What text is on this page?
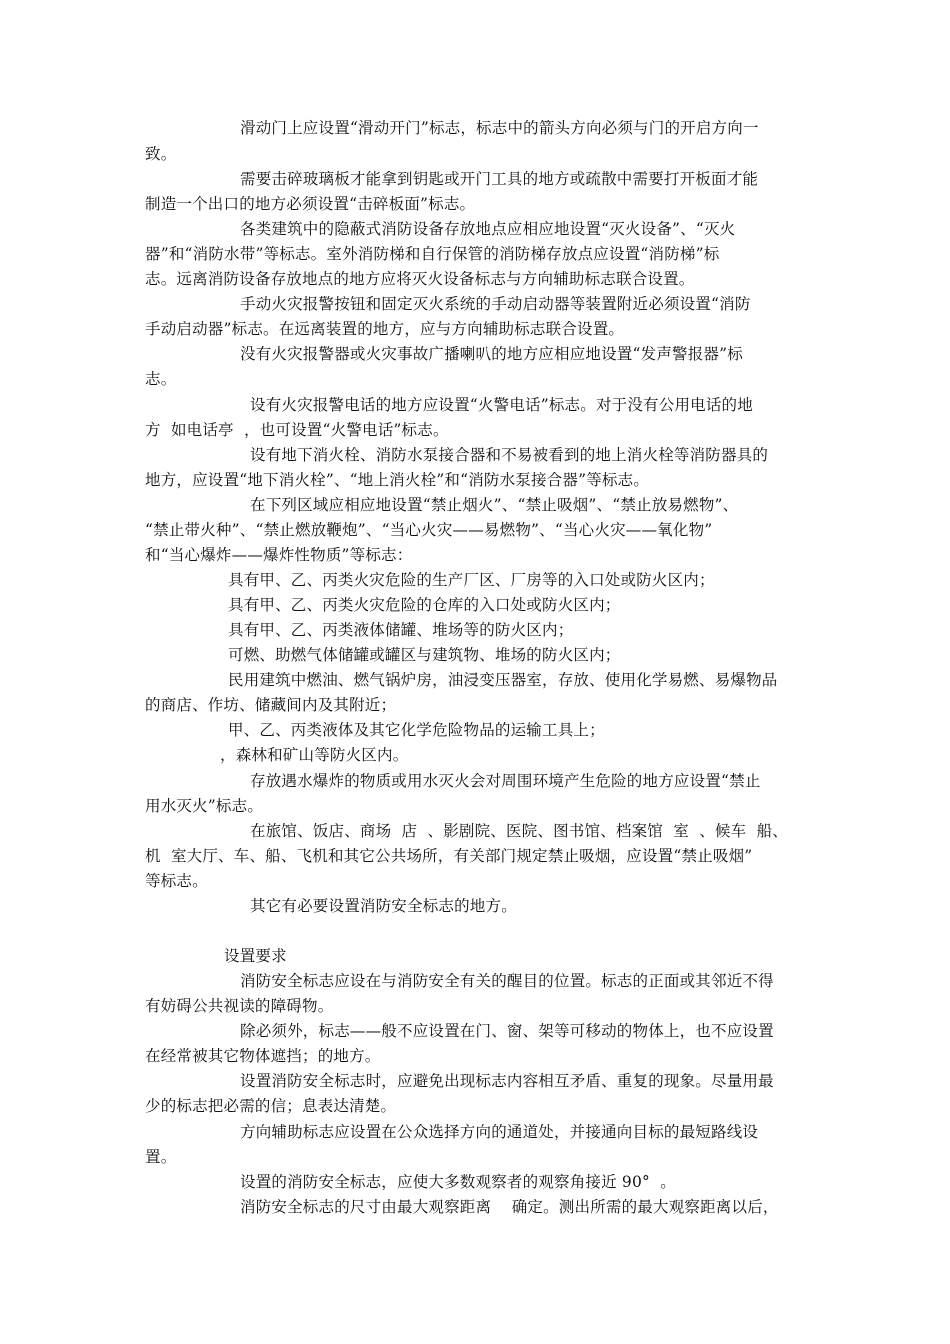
滑动门上应设置“滑动开门”标志，标志中的箭头方向必须与门的开启方向一
致。
需要击碎玻璃板才能拿到钥匙或开门工具的地方或疏散中需要打开板面才能
制造一个出口的地方必须设置“击碎板面”标志。
各类建筑中的隐蔽式消防设备存放地点应相应地设置“灭火设备”、“灭火
器”和“消防水带”等标志。室外消防梯和自行保管的消防梯存放点应设置“消防梯”标
志。远离消防设备存放地点的地方应将灭火设备标志与方向辅助标志联合设置。
手动火灾报警按钮和固定灭火系统的手动启动器等装置附近必须设置“消防
手动启动器”标志。在远离装置的地方，应与方向辅助标志联合设置。
没有火灾报警器或火灾事故广播喇叭的地方应相应地设置“发声警报器”标
志。
设有火灾报警电话的地方应设置“火警电话”标志。对于没有公用电话的地
方  如电话亭  ，也可设置“火警电话”标志。
设有地下消火栓、消防水泵接合器和不易被看到的地上消火栓等消防器具的
地方，应设置“地下消火栓”、“地上消火栓”和“消防水泵接合器”等标志。
在下列区域应相应地设置“禁止烟火”、“禁止吸烟”、“禁止放易燃物”、
“禁止带火种”、“禁止燃放鞭炮”、“当心火灾——易燃物”、“当心火灾——氧化物”
和“当心爆炸——爆炸性物质”等标志：
具有甲、乙、丙类火灾危险的生产厂区、厂房等的入口处或防火区内；
具有甲、乙、丙类火灾危险的仓库的入口处或防火区内；
具有甲、乙、丙类液体储罐、堆场等的防火区内；
可燃、助燃气体储罐或罐区与建筑物、堆场的防火区内；
民用建筑中燃油、燃气锅炉房，油浸变压器室，存放、使用化学易燃、易爆物品
的商店、作坊、储藏间内及其附近；
甲、乙、丙类液体及其它化学危险物品的运输工具上；
，森林和矿山等防火区内。
存放遇水爆炸的物质或用水灭火会对周围环境产生危险的地方应设置“禁止
用水灭火”标志。
在旅馆、饭店、商场  店  、影剧院、医院、图书馆、档案馆  室  、候车  船、
机  室大厅、车、船、飞机和其它公共场所，有关部门规定禁止吸烟，应设置“禁止吸烟”
等标志。
其它有必要设置消防安全标志的地方。
设置要求
消防安全标志应设在与消防安全有关的醒目的位置。标志的正面或其邻近不得
有妨碍公共视读的障碍物。
除必须外，标志——般不应设置在门、窗、架等可移动的物体上，也不应设置
在经常被其它物体遮挡；的地方。
设置消防安全标志时，应避免出现标志内容相互矛盾、重复的现象。尽量用最
少的标志把必需的信；息表达清楚。
方向辅助标志应设置在公众选择方向的通道处，并接通向目标的最短路线设
置。
设置的消防安全标志，应使大多数观察者的观察角接近 90°  。
消防安全标志的尺寸由最大观察距离    确定。测出所需的最大观察距离以后，
